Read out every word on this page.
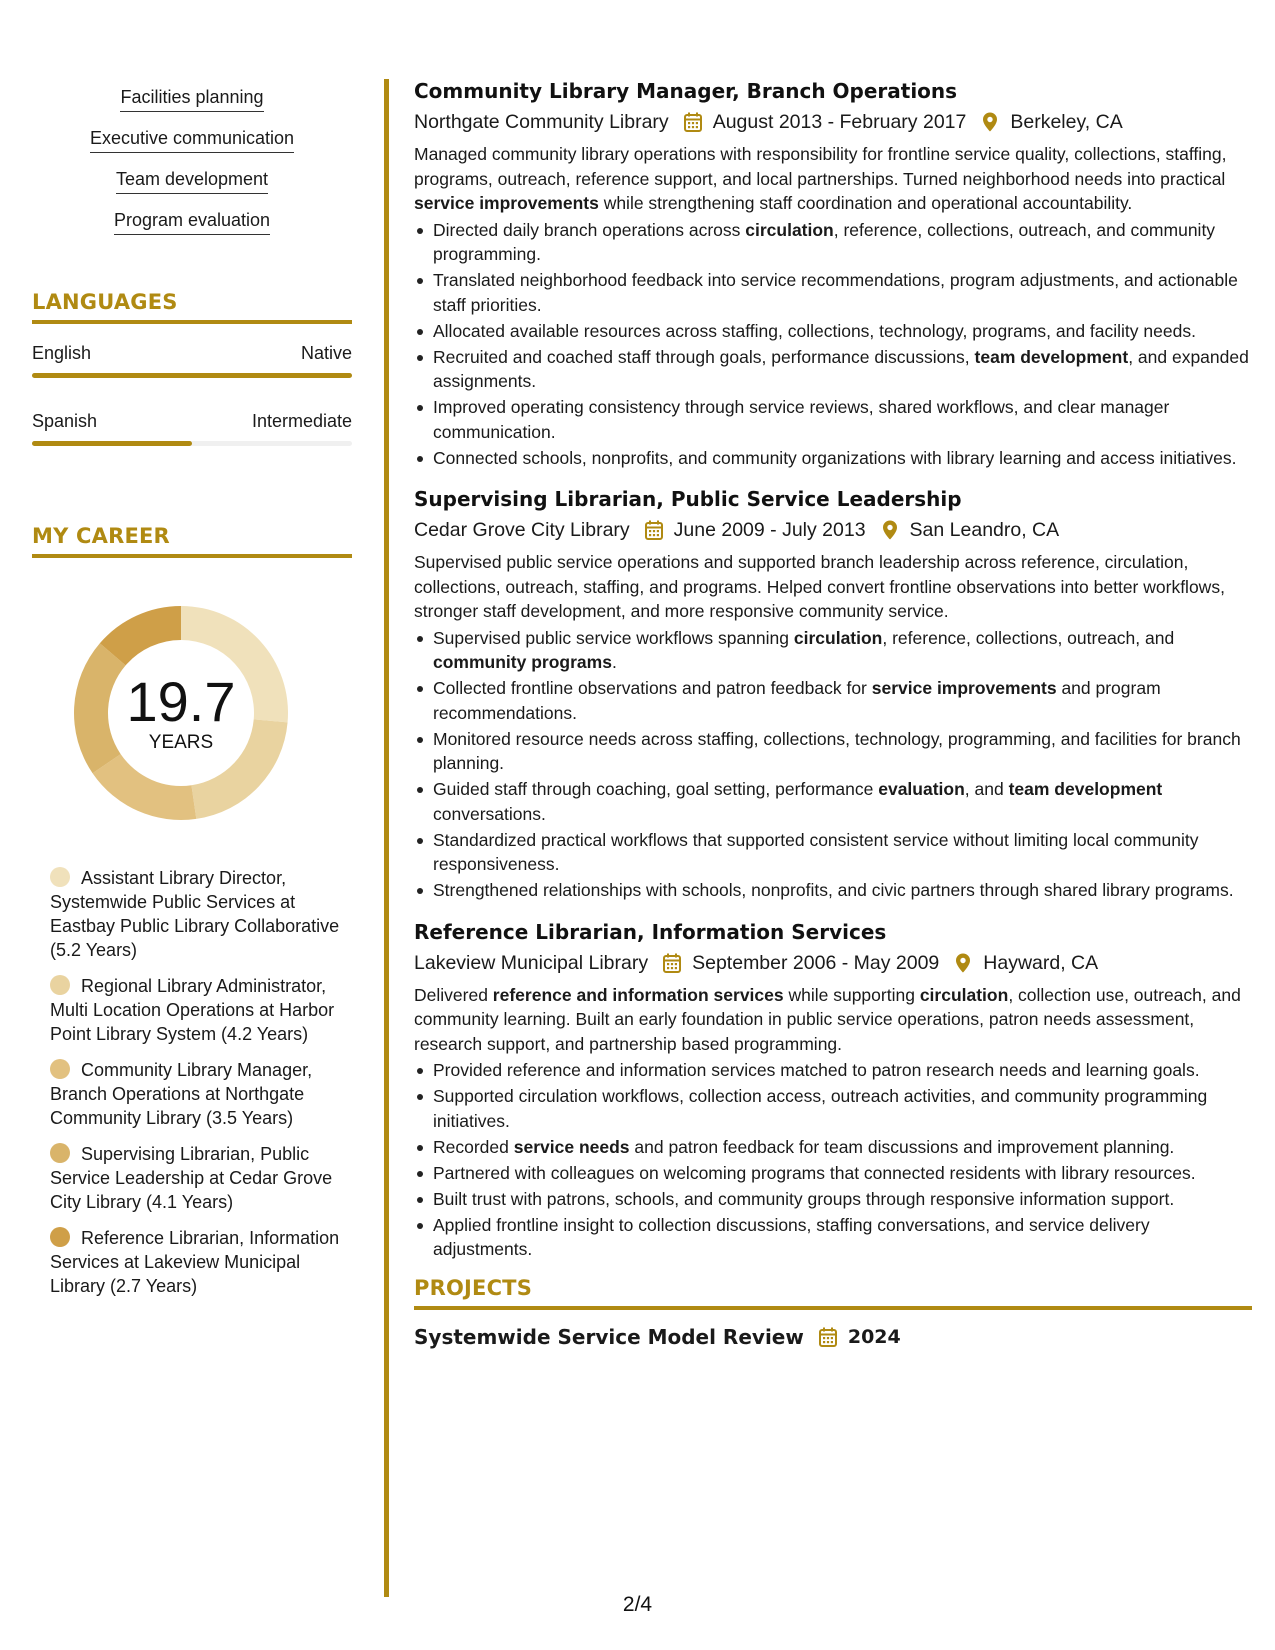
Facilities planning
Executive communication
Team development
Program evaluation
LANGUAGES
English	Native
Spanish	Intermediate
MY CAREER
19.7
YEARS
Assistant Library Director, Systemwide Public Services at Eastbay Public Library Collaborative (5.2 Years)
Regional Library Administrator, Multi Location Operations at Harbor Point Library System (4.2 Years)
Community Library Manager, Branch Operations at Northgate Community Library (3.5 Years)
Supervising Librarian, Public Service Leadership at Cedar Grove City Library (4.1 Years)
Reference Librarian, Information Services at Lakeview Municipal Library (2.7 Years)
Community Library Manager, Branch Operations
Northgate Community Library August 2013 - February 2017 Berkeley, CA
Managed community library operations with responsibility for frontline service quality, collections, staffing, programs, outreach, reference support, and local partnerships. Turned neighborhood needs into practical service improvements while strengthening staff coordination and operational accountability.
Directed daily branch operations across circulation, reference, collections, outreach, and community programming.
Translated neighborhood feedback into service recommendations, program adjustments, and actionable staff priorities.
Allocated available resources across staffing, collections, technology, programs, and facility needs.
Recruited and coached staff through goals, performance discussions, team development, and expanded assignments.
Improved operating consistency through service reviews, shared workflows, and clear manager communication.
Connected schools, nonprofits, and community organizations with library learning and access initiatives.
Supervising Librarian, Public Service Leadership
Cedar Grove City Library June 2009 - July 2013 San Leandro, CA
Supervised public service operations and supported branch leadership across reference, circulation, collections, outreach, staffing, and programs. Helped convert frontline observations into better workflows, stronger staff development, and more responsive community service.
Supervised public service workflows spanning circulation, reference, collections, outreach, and community programs.
Collected frontline observations and patron feedback for service improvements and program recommendations.
Monitored resource needs across staffing, collections, technology, programming, and facilities for branch planning.
Guided staff through coaching, goal setting, performance evaluation, and team development conversations.
Standardized practical workflows that supported consistent service without limiting local community responsiveness.
Strengthened relationships with schools, nonprofits, and civic partners through shared library programs.
Reference Librarian, Information Services
Lakeview Municipal Library September 2006 - May 2009 Hayward, CA
Delivered reference and information services while supporting circulation, collection use, outreach, and community learning. Built an early foundation in public service operations, patron needs assessment, research support, and partnership based programming.
Provided reference and information services matched to patron research needs and learning goals.
Supported circulation workflows, collection access, outreach activities, and community programming initiatives.
Recorded service needs and patron feedback for team discussions and improvement planning.
Partnered with colleagues on welcoming programs that connected residents with library resources.
Built trust with patrons, schools, and community groups through responsive information support.
Applied frontline insight to collection discussions, staffing conversations, and service delivery adjustments.
PROJECTS
Systemwide Service Model Review 2024
2/4
